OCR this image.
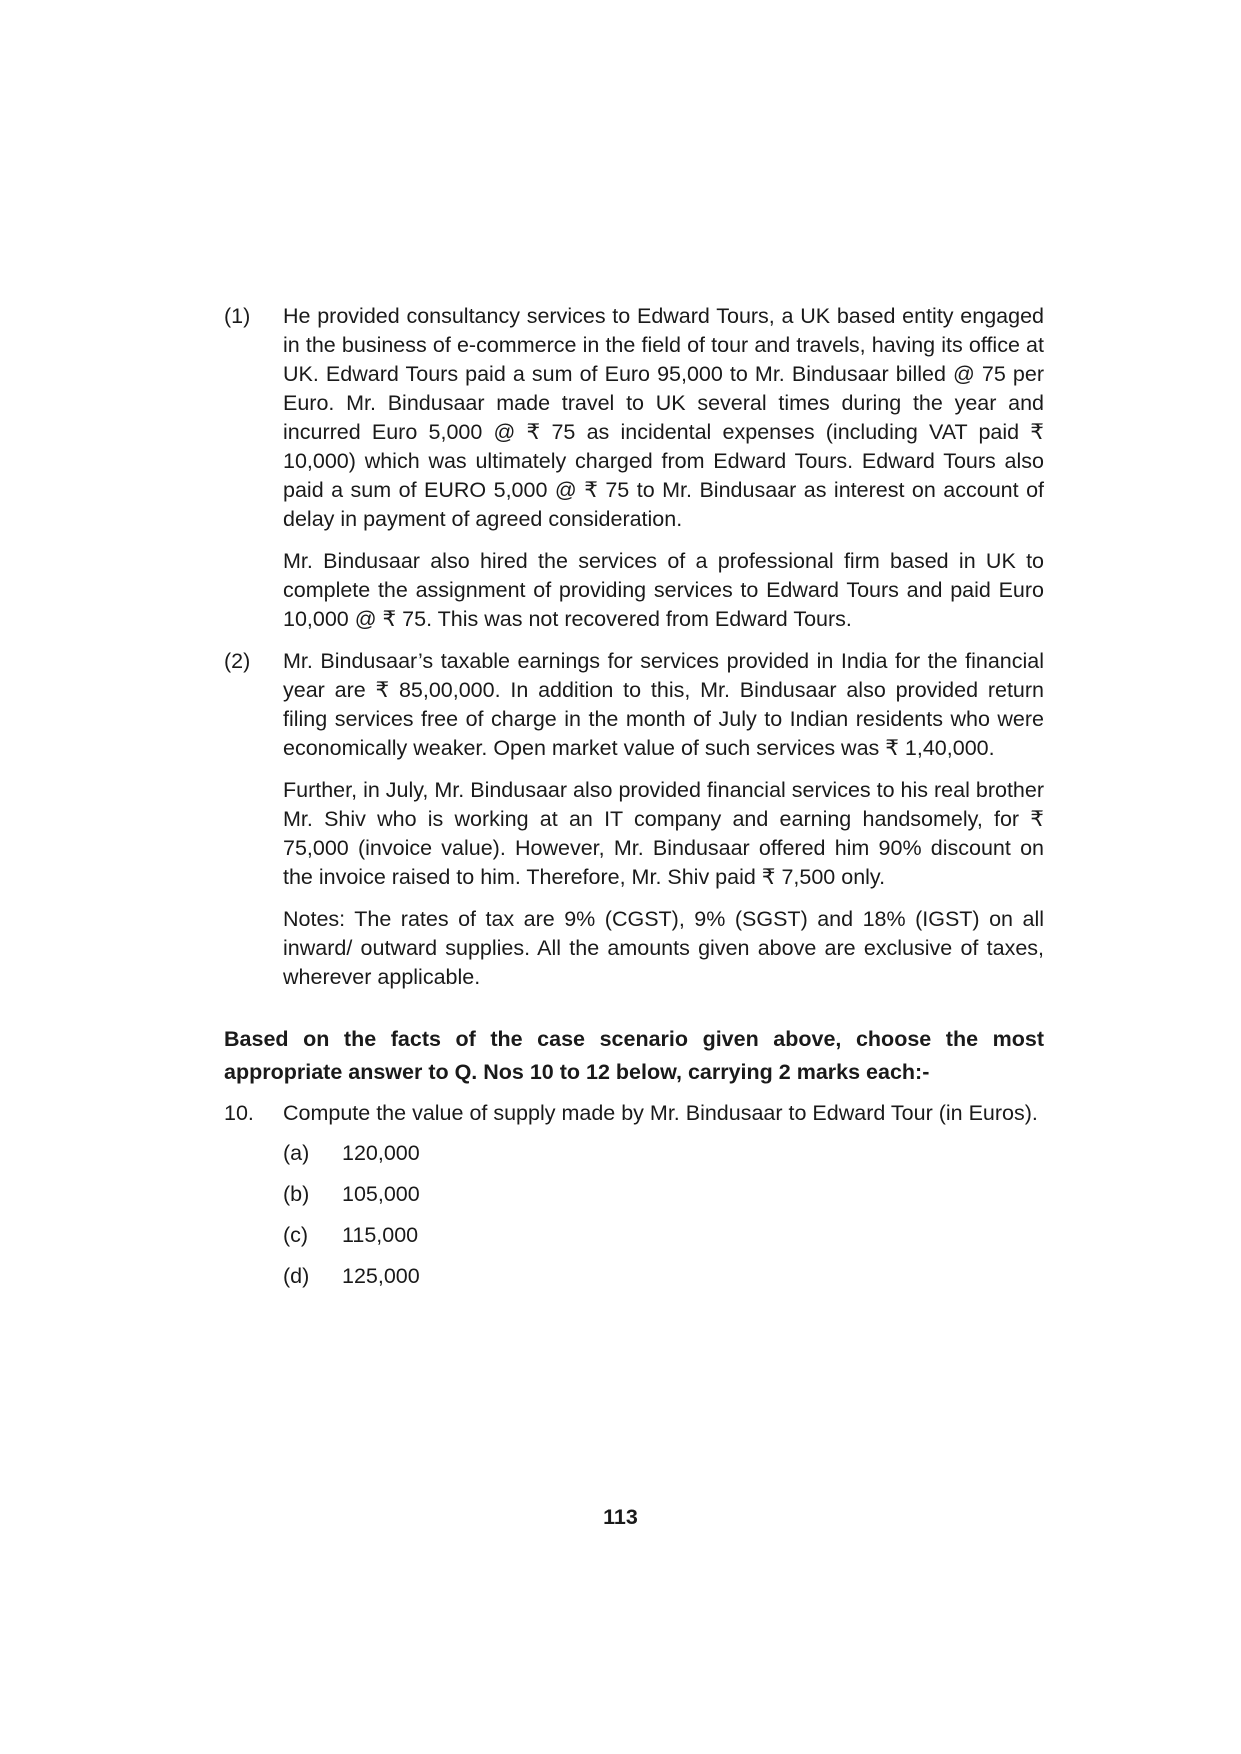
(1)	He provided consultancy services to Edward Tours, a UK based entity engaged in the business of e-commerce in the field of tour and travels, having its office at UK. Edward Tours paid a sum of Euro 95,000 to Mr. Bindusaar billed @ 75 per Euro. Mr. Bindusaar made travel to UK several times during the year and incurred Euro 5,000 @ ₹ 75 as incidental expenses (including VAT paid ₹ 10,000) which was ultimately charged from Edward Tours. Edward Tours also paid a sum of EURO 5,000 @ ₹ 75 to Mr. Bindusaar as interest on account of delay in payment of agreed consideration.

Mr. Bindusaar also hired the services of a professional firm based in UK to complete the assignment of providing services to Edward Tours and paid Euro 10,000 @ ₹ 75. This was not recovered from Edward Tours.

(2)	Mr. Bindusaar’s taxable earnings for services provided in India for the financial year are ₹ 85,00,000. In addition to this, Mr. Bindusaar also provided return filing services free of charge in the month of July to Indian residents who were economically weaker. Open market value of such services was ₹ 1,40,000.

Further, in July, Mr. Bindusaar also provided financial services to his real brother Mr. Shiv who is working at an IT company and earning handsomely, for ₹ 75,000 (invoice value). However, Mr. Bindusaar offered him 90% discount on the invoice raised to him. Therefore, Mr. Shiv paid ₹ 7,500 only.

Notes: The rates of tax are 9% (CGST), 9% (SGST) and 18% (IGST) on all inward/ outward supplies. All the amounts given above are exclusive of taxes, wherever applicable.

Based on the facts of the case scenario given above, choose the most appropriate answer to Q. Nos 10 to 12 below, carrying 2 marks each:-
10.	Compute the value of supply made by Mr. Bindusaar to Edward Tour (in Euros).

(a)	120,000
(b)	105,000
(c)	115,000
(d)	125,000
113
